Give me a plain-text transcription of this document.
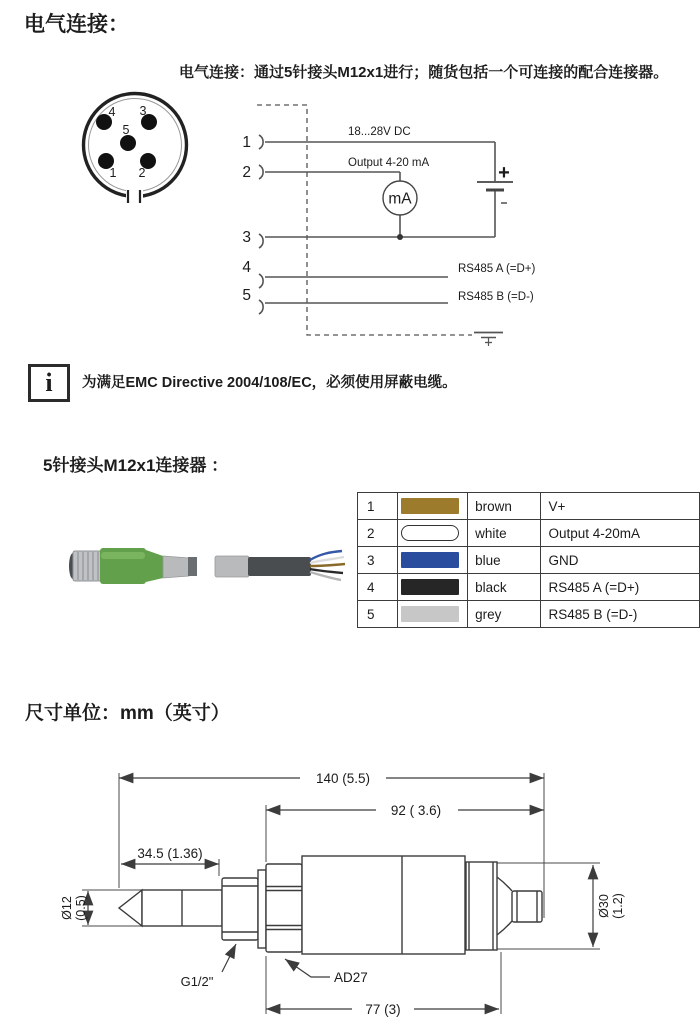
电气连接：
电气连接：通过5针接头M12x1进行；随货包括一个可连接的配合连接器。
4 3
5
1 2
1
2
3
4
5
mA
+
18...28V DC
Output 4-20 mA
RS485 A (=D+)
RS485 B (=D-)
i 为满足EMC Directive 2004/108/EC，必须使用屏蔽电缆。
5针接头M12x1连接器 ：
1		brown	V+
2		white	Output 4-20mA
3		blue	GND
4		black	RS485 A (=D+)
5		grey	RS485 B (=D-)
尺寸单位：mm（英寸）
140 (5.5)
92 ( 3.6)
34.5 (1.36)
77 (3)
Ø12 (0.5)	Ø30 (1.2)
G1/2"	AD27
